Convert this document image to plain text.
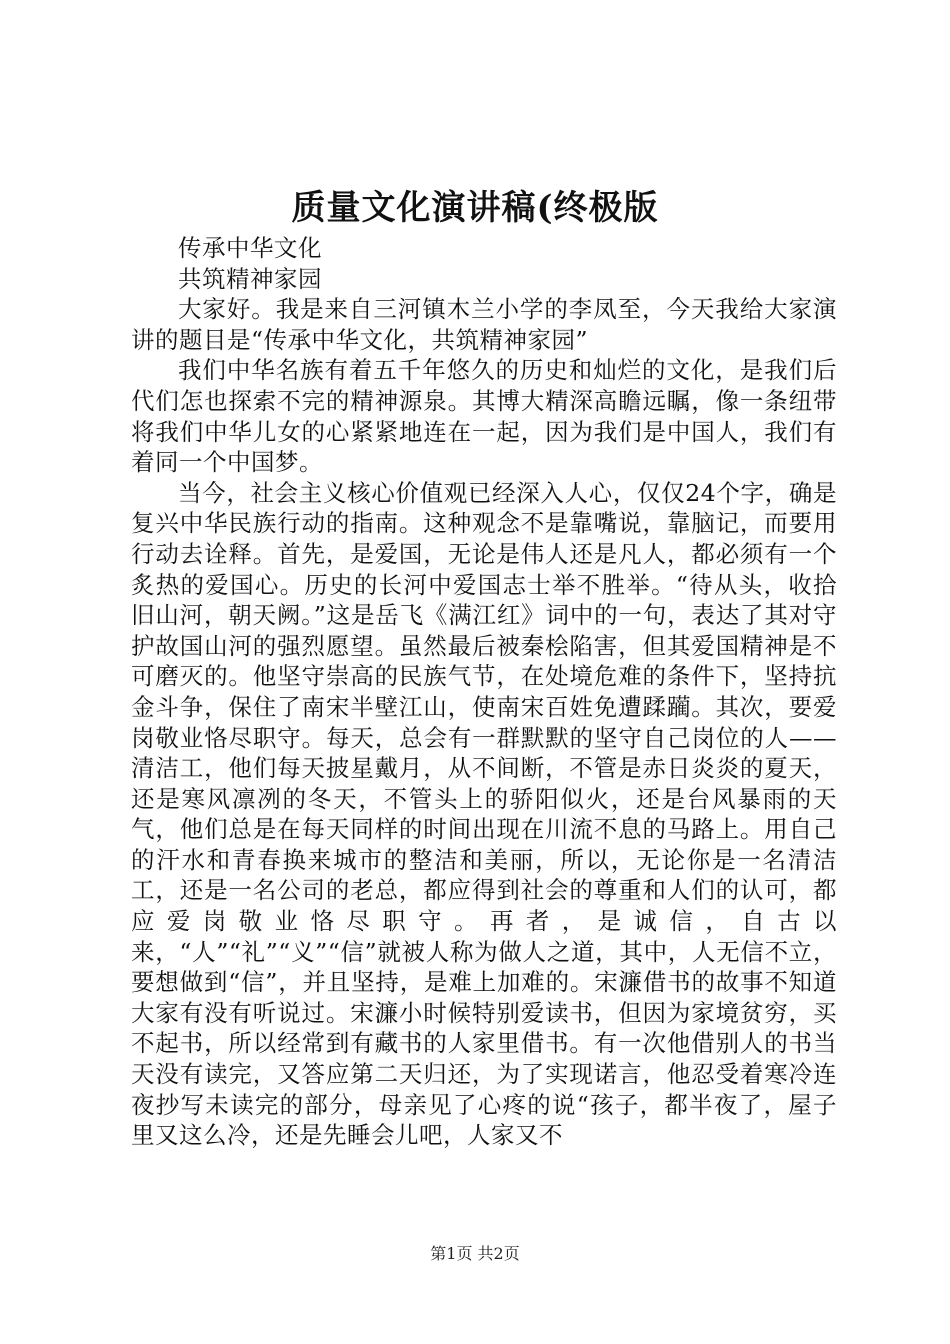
质量文化演讲稿(终极版

传承中华文化

共筑精神家园

大家好。我是来自三河镇木兰小学的李凤至，今天我给大家演讲的题目是“传承中华文化，共筑精神家园”

我们中华名族有着五千年悠久的历史和灿烂的文化，是我们后代们怎也探索不完的精神源泉。其博大精深高瞻远瞩，像一条纽带将我们中华儿女的心紧紧地连在一起，因为我们是中国人，我们有着同一个中国梦。

当今，社会主义核心价值观已经深入人心，仅仅24个字，确是复兴中华民族行动的指南。这种观念不是靠嘴说，靠脑记，而要用行动去诠释。首先，是爱国，无论是伟人还是凡人，都必须有一个炙热的爱国心。历史的长河中爱国志士举不胜举。“待从头，收拾旧山河，朝天阙。”这是岳飞《满江红》词中的一句，表达了其对守护故国山河的强烈愿望。虽然最后被秦桧陷害，但其爱国精神是不可磨灭的。他坚守崇高的民族气节，在处境危难的条件下，坚持抗金斗争，保住了南宋半壁江山，使南宋百姓免遭蹂躏。其次，要爱岗敬业恪尽职守。每天，总会有一群默默的坚守自己岗位的人——清洁工，他们每天披星戴月，从不间断，不管是赤日炎炎的夏天，还是寒风凛冽的冬天，不管头上的骄阳似火，还是台风暴雨的天气，他们总是在每天同样的时间出现在川流不息的马路上。用自己的汗水和青春换来城市的整洁和美丽，所以，无论你是一名清洁工，还是一名公司的老总，都应得到社会的尊重和人们的认可，都应爱岗敬业恪尽职守。再者，是诚信，自古以来，“人”“礼”“义”“信”就被人称为做人之道，其中，人无信不立，要想做到“信”，并且坚持，是难上加难的。宋濂借书的故事不知道大家有没有听说过。宋濂小时候特别爱读书，但因为家境贫穷，买不起书，所以经常到有藏书的人家里借书。有一次他借别人的书当天没有读完，又答应第二天归还，为了实现诺言，他忍受着寒冷连夜抄写未读完的部分，母亲见了心疼的说“孩子，都半夜了，屋子里又这么冷，还是先睡会儿吧，人家又不

第1页 共2页
